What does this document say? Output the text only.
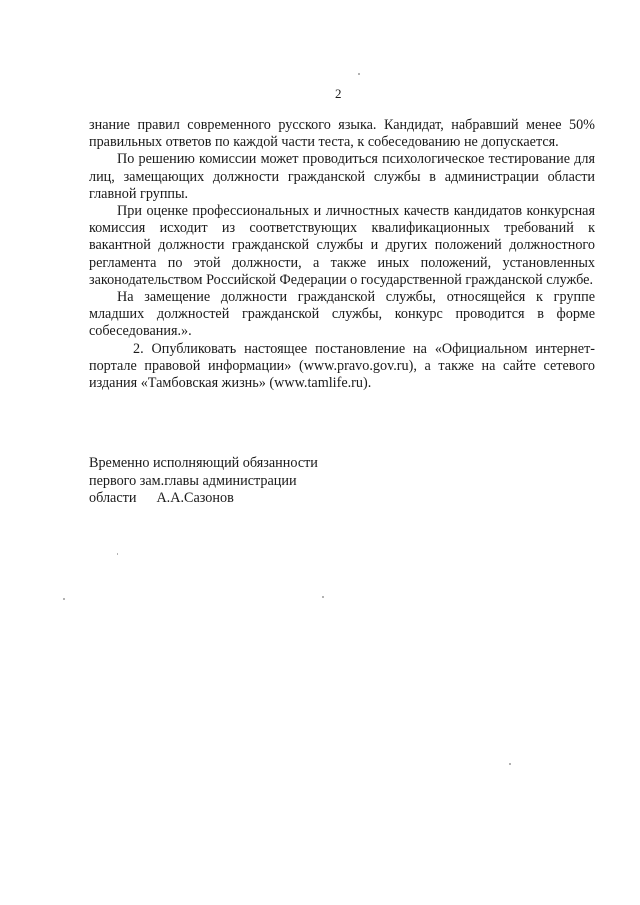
2

знание правил современного русского языка. Кандидат, набравший менее 50% правильных ответов по каждой части теста, к собеседованию не допускается.

По решению комиссии может проводиться психологическое тестирование для лиц, замещающих должности гражданской службы в администрации области главной группы.

При оценке профессиональных и личностных качеств кандидатов конкурсная комиссия исходит из соответствующих квалификационных требований к вакантной должности гражданской службы и других положений должностного регламента по этой должности, а также иных положений, установленных законодательством Российской Федерации о государственной гражданской службе.

На замещение должности гражданской службы, относящейся к группе младших должностей гражданской службы, конкурс проводится в форме собеседования.».

2. Опубликовать настоящее постановление на «Официальном интернет-портале правовой информации» (www.pravo.gov.ru), а также на сайте сетевого издания «Тамбовская жизнь» (www.tamlife.ru).

Временно исполняющий обязанности
первого зам.главы администрации
области А.А.Сазонов
